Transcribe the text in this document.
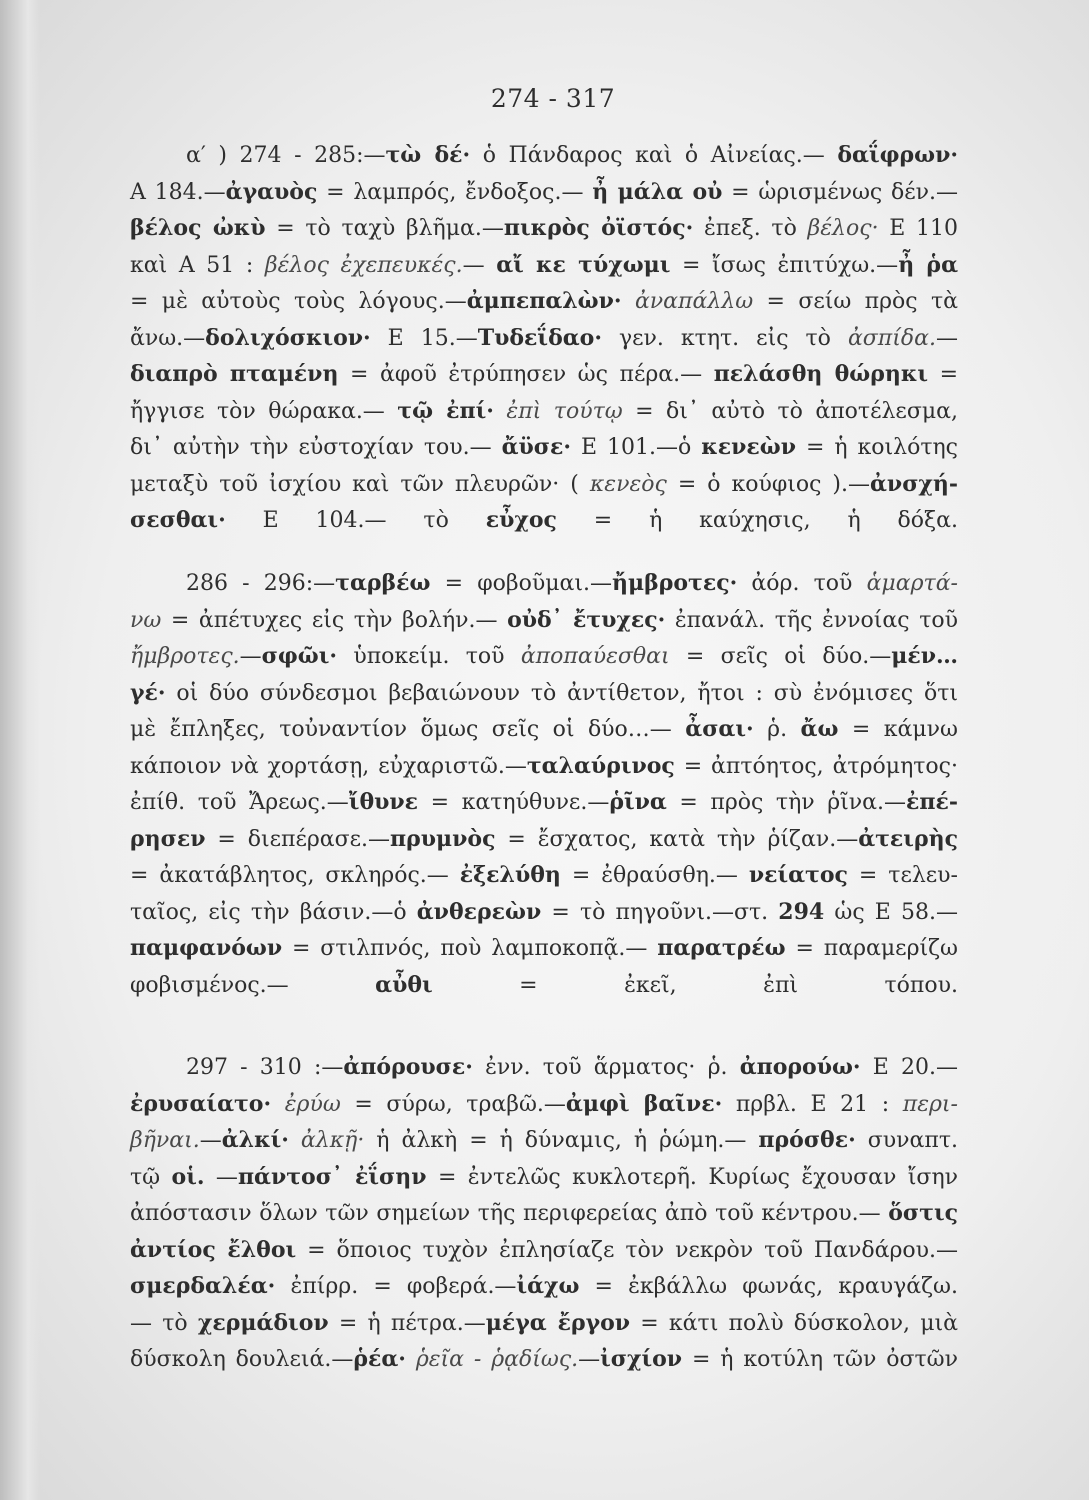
274 - 317
α′ ) 274 - 285:—τὼ δέ· ὁ Πάνδαρος καὶ ὁ Αἰνείας.— δαΐφρων·
Α 184.—ἀγαυὸς = λαμπρός, ἔνδοξος.— ἦ μάλα οὐ = ὡρισμένως δέν.—
βέλος ὠκὺ = τὸ ταχὺ βλῆμα.—πικρὸς ὀϊστός· ἐπεξ. τὸ βέλος· Ε 110
καὶ Α 51 : βέλος ἐχεπευκές.— αἴ κε τύχωμι = ἴσως ἐπιτύχω.—ἦ ῥα
= μὲ αὐτοὺς τοὺς λόγους.—ἀμπεπαλὼν· ἀναπάλλω = σείω πρὸς τὰ
ἄνω.—δολιχόσκιον· Ε 15.—Τυδεΐδαο· γεν. κτητ. εἰς τὸ ἀσπίδα.—
διαπρὸ πταμένη = ἀφοῦ ἐτρύπησεν ὡς πέρα.— πελάσθη θώρηκι =
ἤγγισε τὸν θώρακα.— τῷ ἐπί· ἐπὶ τούτῳ = δι᾽ αὐτὸ τὸ ἀποτέλεσμα,
δι᾽ αὐτὴν τὴν εὐστοχίαν του.— ἄϋσε· Ε 101.—ὁ κενεὼν = ἡ κοιλότης
μεταξὺ τοῦ ἰσχίου καὶ τῶν πλευρῶν· ( κενεὸς = ὁ κούφιος ).—ἀνσχή-
σεσθαι· Ε 104.— τὸ εὖχος = ἡ καύχησις, ἡ δόξα.
286 - 296:—ταρβέω = φοβοῦμαι.—ἤμβροτες· ἀόρ. τοῦ ἁμαρτά-
νω = ἀπέτυχες εἰς τὴν βολήν.— οὐδ᾽ ἔτυχες· ἐπανάλ. τῆς ἐννοίας τοῦ
ἤμβροτες.—σφῶι· ὑποκείμ. τοῦ ἀποπαύεσθαι = σεῖς οἱ δύο.—μέν…
γέ· οἱ δύο σύνδεσμοι βεβαιώνουν τὸ ἀντίθετον, ἤτοι : σὺ ἐνόμισες ὅτι
μὲ ἔπληξες, τοὐναντίον ὅμως σεῖς οἱ δύο…— ἆσαι· ῥ. ἄω = κάμνω
κάποιον νὰ χορτάσῃ, εὐχαριστῶ.—ταλαύρινος = ἀπτόητος, ἀτρόμητος·
ἐπίθ. τοῦ Ἄρεως.—ἴθυνε = κατηύθυνε.—ῥῖνα = πρὸς τὴν ῥῖνα.—ἐπέ-
ρησεν = διεπέρασε.—πρυμνὸς = ἔσχατος, κατὰ τὴν ῥίζαν.—ἀτειρὴς
= ἀκατάβλητος, σκληρός.— ἐξελύθη = ἐθραύσθη.— νείατος = τελευ-
ταῖος, εἰς τὴν βάσιν.—ὁ ἀνθερεὼν = τὸ πηγοῦνι.—στ. 294 ὡς Ε 58.—
παμφανόων = στιλπνός, ποὺ λαμποκοπᾷ.— παρατρέω = παραμερίζω
φοβισμένος.— αὖθι = ἐκεῖ, ἐπὶ τόπου.
297 - 310 :—ἀπόρουσε· ἐνν. τοῦ ἅρματος· ῥ. ἀπορούω· Ε 20.—
ἐρυσαίατο· ἐρύω = σύρω, τραβῶ.—ἀμφὶ βαῖνε· πρβλ. Ε 21 : περι-
βῆναι.—ἀλκί· ἀλκῇ· ἡ ἀλκὴ = ἡ δύναμις, ἡ ῥώμη.— πρόσθε· συναπτ.
τῷ οἱ. —πάντοσ᾽ ἐΐσην = ἐντελῶς κυκλοτερῆ. Κυρίως ἔχουσαν ἴσην
ἀπόστασιν ὅλων τῶν σημείων τῆς περιφερείας ἀπὸ τοῦ κέντρου.— ὅστις
ἀντίος ἔλθοι = ὅποιος τυχὸν ἐπλησίαζε τὸν νεκρὸν τοῦ Πανδάρου.—
σμερδαλέα· ἐπίρρ. = φοβερά.—ἰάχω = ἐκβάλλω φωνάς, κραυγάζω.
— τὸ χερμάδιον = ἡ πέτρα.—μέγα ἔργον = κάτι πολὺ δύσκολον, μιὰ
δύσκολη δουλειά.—ῥέα· ῥεῖα - ῥᾳδίως.—ἰσχίον = ἡ κοτύλη τῶν ὀστῶν
